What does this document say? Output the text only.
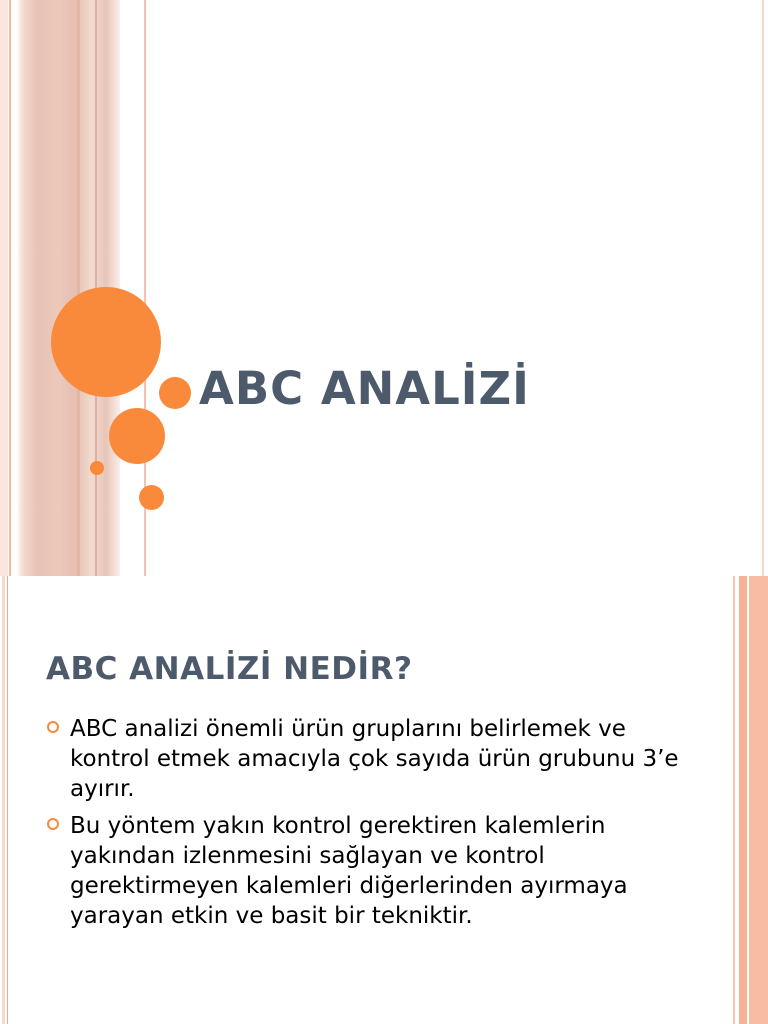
ABC ANALİZİ
ABC ANALİZİ NEDİR?
ABC analizi önemli ürün gruplarını belirlemek ve kontrol etmek amacıyla çok sayıda ürün grubunu 3’e ayırır.
Bu yöntem yakın kontrol gerektiren kalemlerin yakından izlenmesini sağlayan ve kontrol gerektirmeyen kalemleri diğerlerinden ayırmaya yarayan etkin ve basit bir tekniktir.
